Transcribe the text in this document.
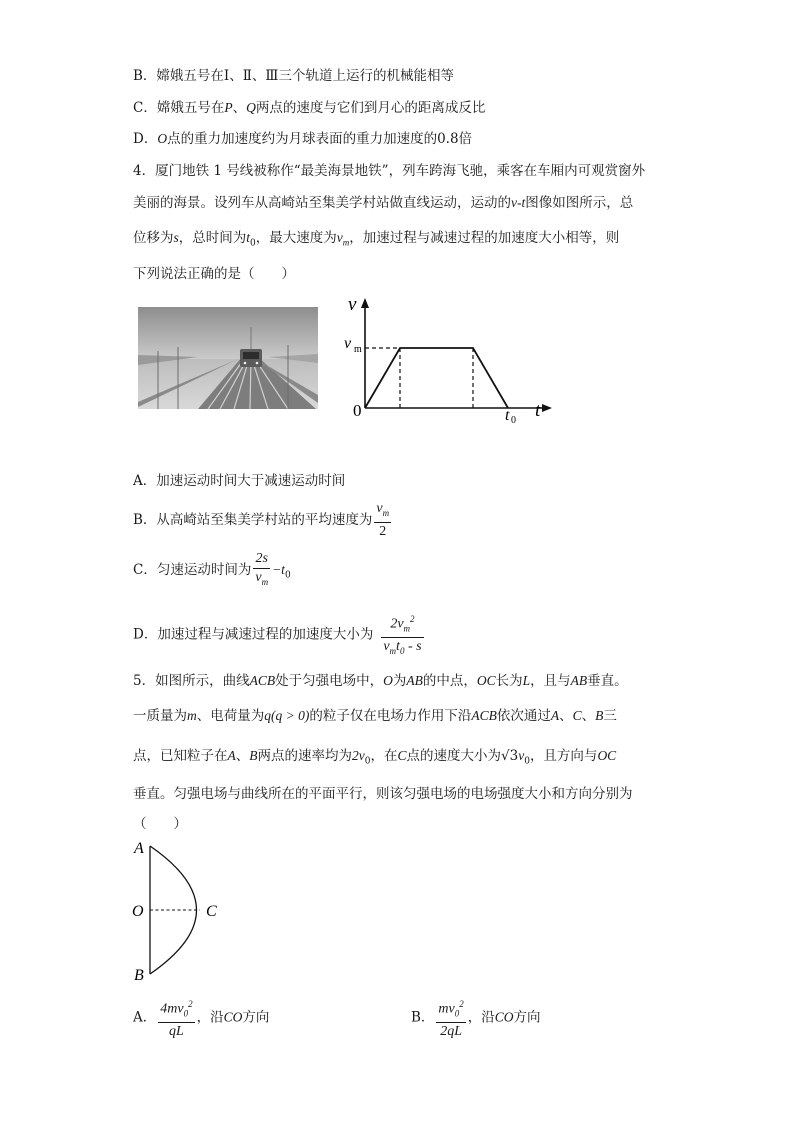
B．嫦娥五号在Ⅰ、Ⅱ、Ⅲ三个轨道上运行的机械能相等
C．嫦娥五号在P、Q两点的速度与它们到月心的距离成反比
D．O点的重力加速度约为月球表面的重力加速度的0.8倍
4．厦门地铁 1 号线被称作“最美海景地铁”，列车跨海飞驰，乘客在车厢内可观赏窗外
美丽的海景。设列车从高崎站至集美学村站做直线运动，运动的v-t图像如图所示，总
位移为s，总时间为$t_0$，最大速度为$v_m$，加速过程与减速过程的加速度大小相等，则
下列说法正确的是（　　）
v
v m
0	t 0 t
A．加速运动时间大于减速运动时间
B．从高崎站至集美学村站的平均速度为 $\frac{v_m}{2}$
C．匀速运动时间为 $\frac{2s}{v_m} -t_0$
D．加速过程与减速过程的加速度大小为 $\frac{2v_m^2}{v_mt_0 - s}$
5．如图所示，曲线ACB处于匀强电场中，O为AB的中点，OC长为L，且与AB垂直。
一质量为m、电荷量为q(q > 0)的粒子仅在电场力作用下沿ACB依次通过A、C、B三
点，已知粒子在A、B两点的速率均为$2v_0$，在C点的速度大小为$√3v_0$，且方向与OC
垂直。匀强电场与曲线所在的平面平行，则该匀强电场的电场强度大小和方向分别为
（　　）
A
O	C
B
A． $\frac{4mv_0^2}{qL}$ ，沿CO方向	B． $\frac{mv_0^2}{2qL}$ ，沿CO方向
